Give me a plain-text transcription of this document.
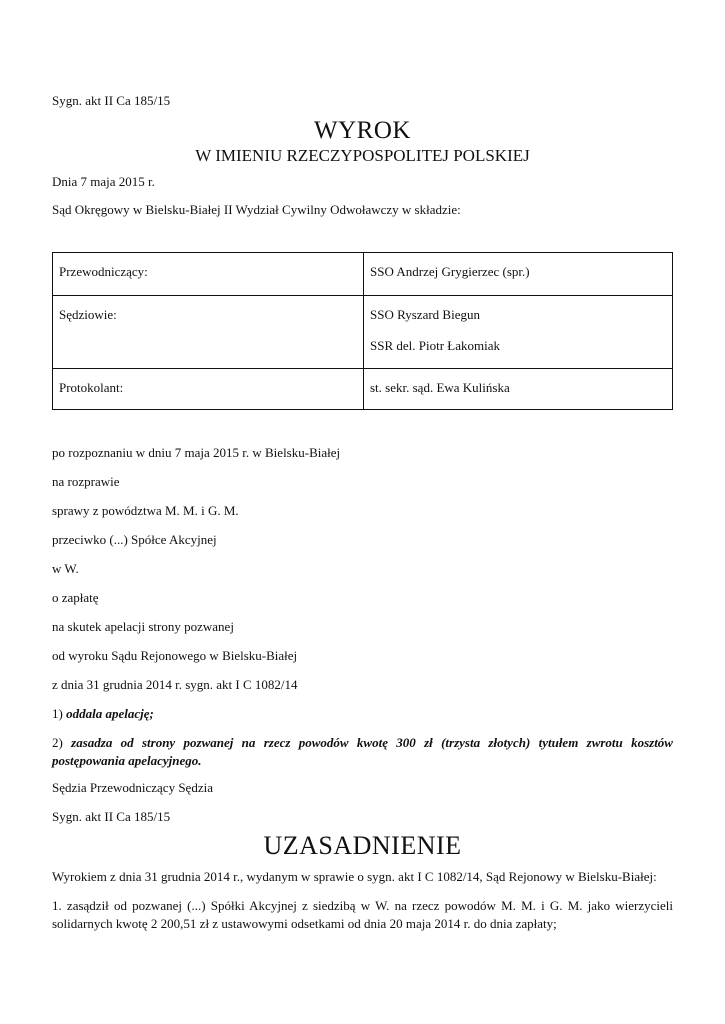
Sygn. akt II Ca 185/15
WYROK
W IMIENIU RZECZYPOSPOLITEJ POLSKIEJ
Dnia 7 maja 2015 r.
Sąd Okręgowy w Bielsku-Białej II Wydział Cywilny Odwoławczy w składzie:
Przewodniczący:	SSO Andrzej Grygierzec (spr.)
Sędziowie:	SSO Ryszard Biegun
SSR del. Piotr Łakomiak

Protokolant:	st. sekr. sąd. Ewa Kulińska
po rozpoznaniu w dniu 7 maja 2015 r. w Bielsku-Białej
na rozprawie
sprawy z powództwa M. M. i G. M.
przeciwko (...) Spółce Akcyjnej
w W.
o zapłatę
na skutek apelacji strony pozwanej
od wyroku Sądu Rejonowego w Bielsku-Białej
z dnia 31 grudnia 2014 r. sygn. akt I C 1082/14
1) oddala apelację;
2) zasadza od strony pozwanej na rzecz powodów kwotę 300 zł (trzysta złotych) tytułem zwrotu kosztów postępowania apelacyjnego.
Sędzia Przewodniczący Sędzia
Sygn. akt II Ca 185/15
UZASADNIENIE
Wyrokiem z dnia 31 grudnia 2014 r., wydanym w sprawie o sygn. akt I C 1082/14, Sąd Rejonowy w Bielsku-Białej:
1. zasądził od pozwanej (...) Spółki Akcyjnej z siedzibą w W. na rzecz powodów M. M. i G. M. jako wierzycieli solidarnych kwotę 2 200,51 zł z ustawowymi odsetkami od dnia 20 maja 2014 r. do dnia zapłaty;
